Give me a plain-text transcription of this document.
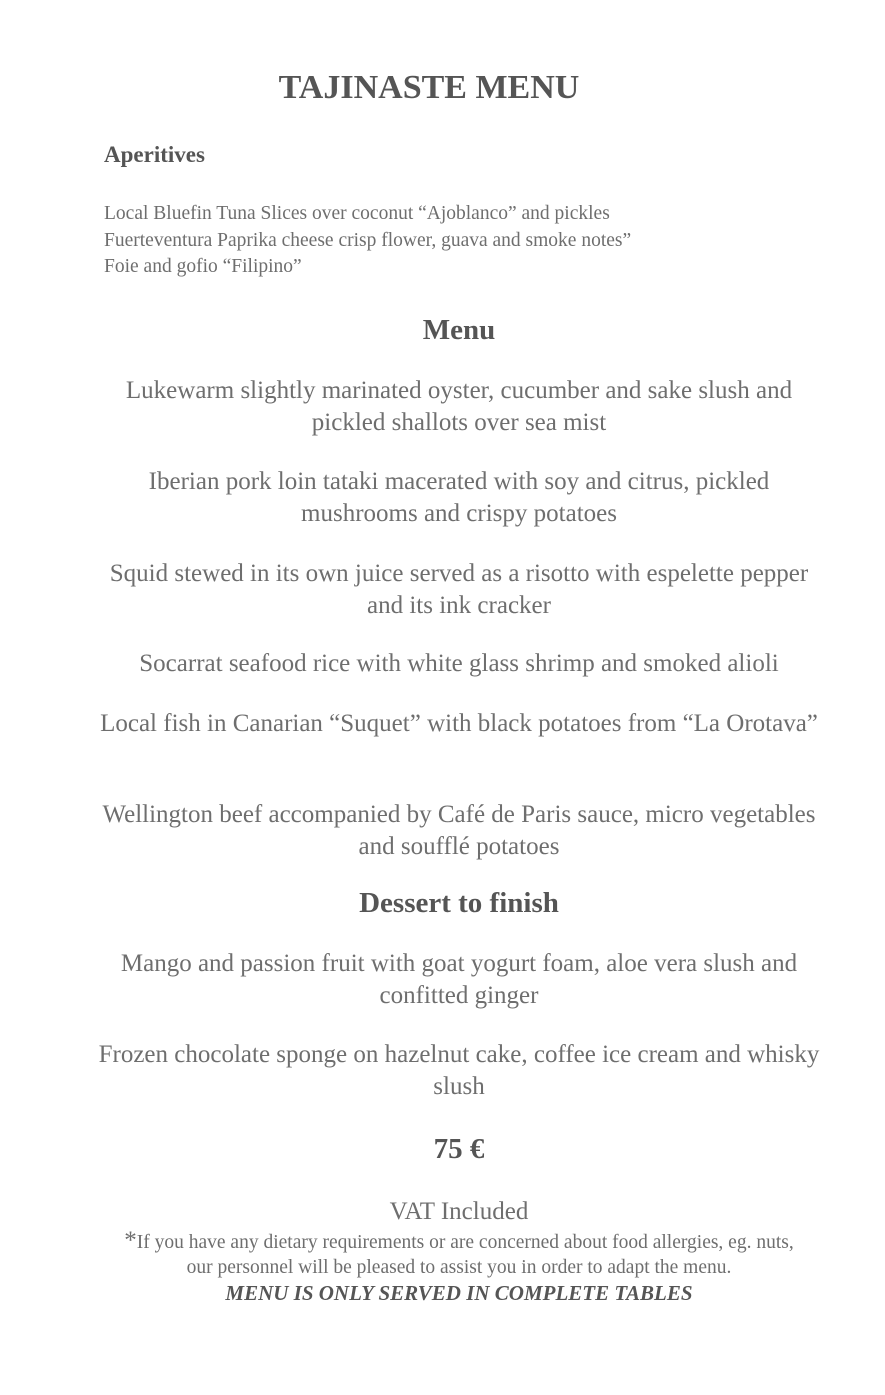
TAJINASTE MENU
Aperitives
Local Bluefin Tuna Slices over coconut “Ajoblanco” and pickles
Fuerteventura Paprika cheese crisp flower, guava and smoke notes”
Foie and gofio “Filipino”
Menu

Lukewarm slightly marinated oyster, cucumber and sake slush and pickled shallots over sea mist

Iberian pork loin tataki macerated with soy and citrus, pickled mushrooms and crispy potatoes

Squid stewed in its own juice served as a risotto with espelette pepper and its ink cracker

Socarrat seafood rice with white glass shrimp and smoked alioli

Local fish in Canarian “Suquet” with black potatoes from “La Orotava”

Wellington beef accompanied by Café de Paris sauce, micro vegetables and soufflé potatoes

Dessert to finish

Mango and passion fruit with goat yogurt foam, aloe vera slush and confitted ginger

Frozen chocolate sponge on hazelnut cake, coffee ice cream and whisky slush

75 €

VAT Included

*If you have any dietary requirements or are concerned about food allergies, eg. nuts, our personnel will be pleased to assist you in order to adapt the menu.

MENU IS ONLY SERVED IN COMPLETE TABLES
